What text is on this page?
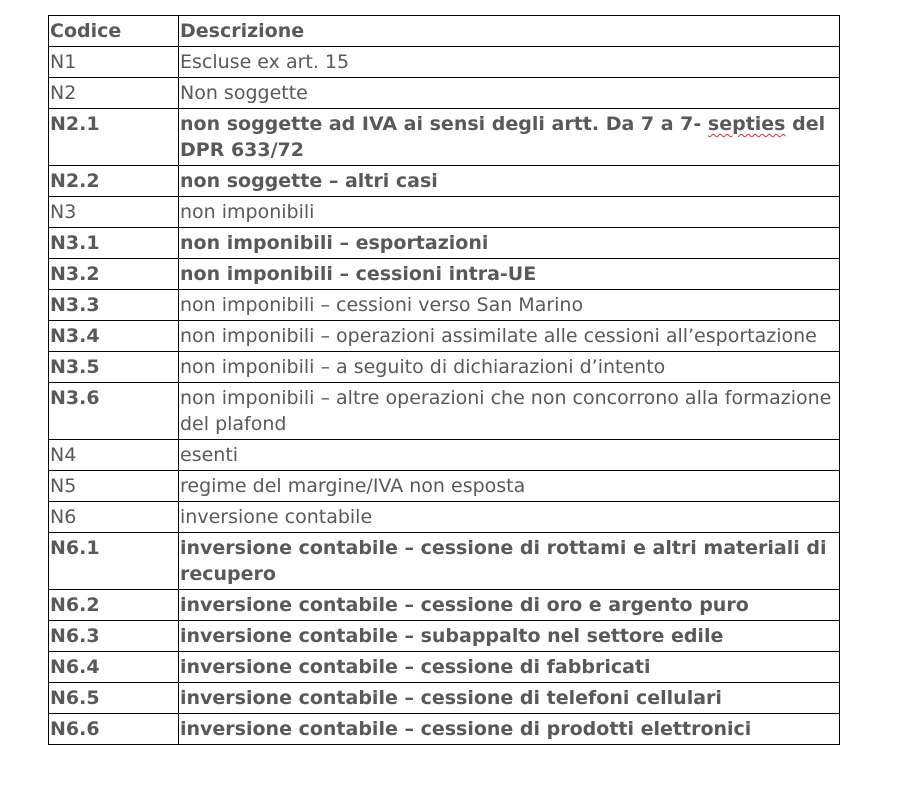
Codice	Descrizione
N1	Escluse ex art. 15
N2	Non soggette
N2.1	non soggette ad IVA ai sensi degli artt. Da 7 a 7- septies del DPR 633/72
N2.2	non soggette – altri casi
N3	non imponibili
N3.1	non imponibili – esportazioni
N3.2	non imponibili – cessioni intra-UE
N3.3	non imponibili – cessioni verso San Marino
N3.4	non imponibili – operazioni assimilate alle cessioni all’esportazione
N3.5	non imponibili – a seguito di dichiarazioni d’intento
N3.6	non imponibili – altre operazioni che non concorrono alla formazione del plafond
N4	esenti
N5	regime del margine/IVA non esposta
N6	inversione contabile
N6.1	inversione contabile – cessione di rottami e altri materiali di recupero
N6.2	inversione contabile – cessione di oro e argento puro
N6.3	inversione contabile – subappalto nel settore edile
N6.4	inversione contabile – cessione di fabbricati
N6.5	inversione contabile – cessione di telefoni cellulari
N6.6	inversione contabile – cessione di prodotti elettronici
